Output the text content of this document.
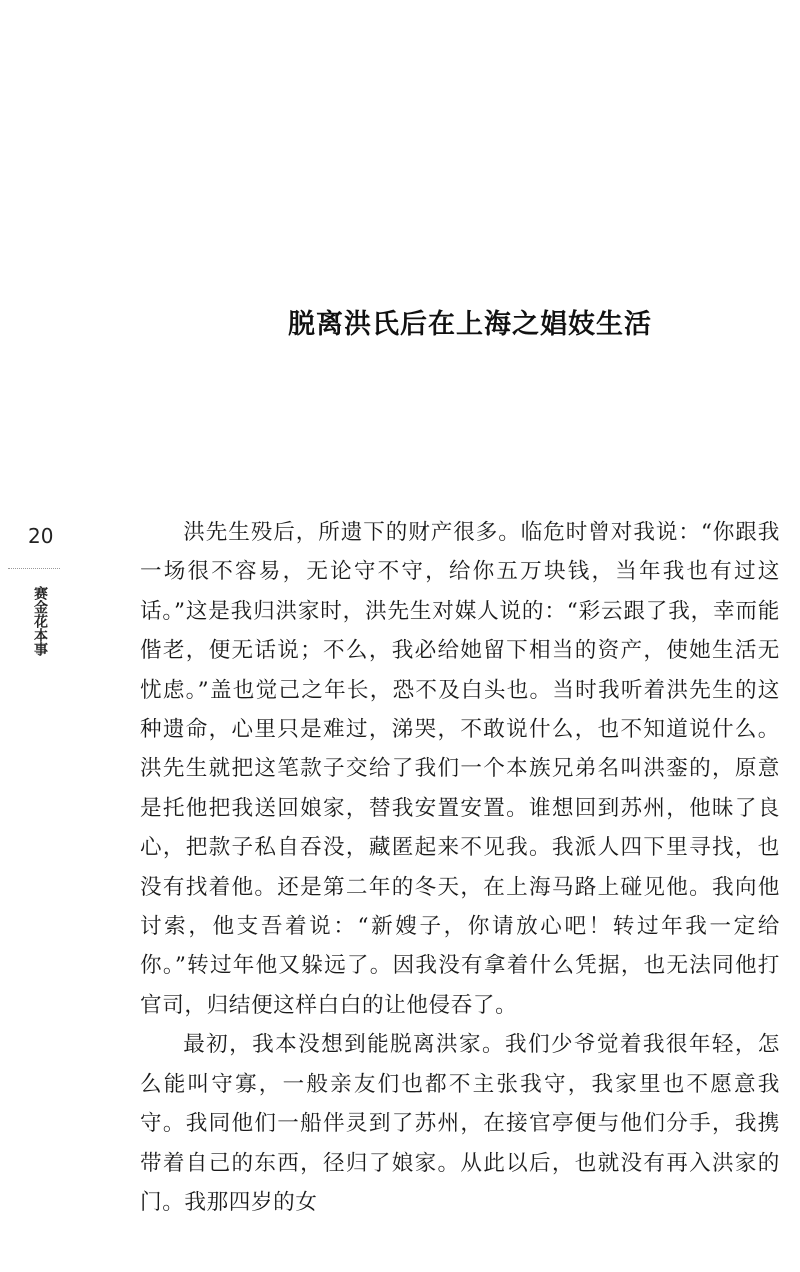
20
赛金花本事
脱离洪氏后在上海之娼妓生活

洪先生殁后，所遗下的财产很多。临危时曾对我说：“你跟我一场很不容易，无论守不守，给你五万块钱，当年我也有过这话。”这是我归洪家时，洪先生对媒人说的：“彩云跟了我，幸而能偕老，便无话说；不么，我必给她留下相当的资产，使她生活无忧虑。”盖也觉己之年长，恐不及白头也。当时我听着洪先生的这种遗命，心里只是难过，涕哭，不敢说什么，也不知道说什么。洪先生就把这笔款子交给了我们一个本族兄弟名叫洪銮的，原意是托他把我送回娘家，替我安置安置。谁想回到苏州，他昧了良心，把款子私自吞没，藏匿起来不见我。我派人四下里寻找，也没有找着他。还是第二年的冬天，在上海马路上碰见他。我向他讨索，他支吾着说：“新嫂子，你请放心吧！转过年我一定给你。”转过年他又躲远了。因我没有拿着什么凭据，也无法同他打官司，归结便这样白白的让他侵吞了。

最初，我本没想到能脱离洪家。我们少爷觉着我很年轻，怎么能叫守寡，一般亲友们也都不主张我守，我家里也不愿意我守。我同他们一船伴灵到了苏州，在接官亭便与他们分手，我携带着自己的东西，径归了娘家。从此以后，也就没有再入洪家的门。我那四岁的女
